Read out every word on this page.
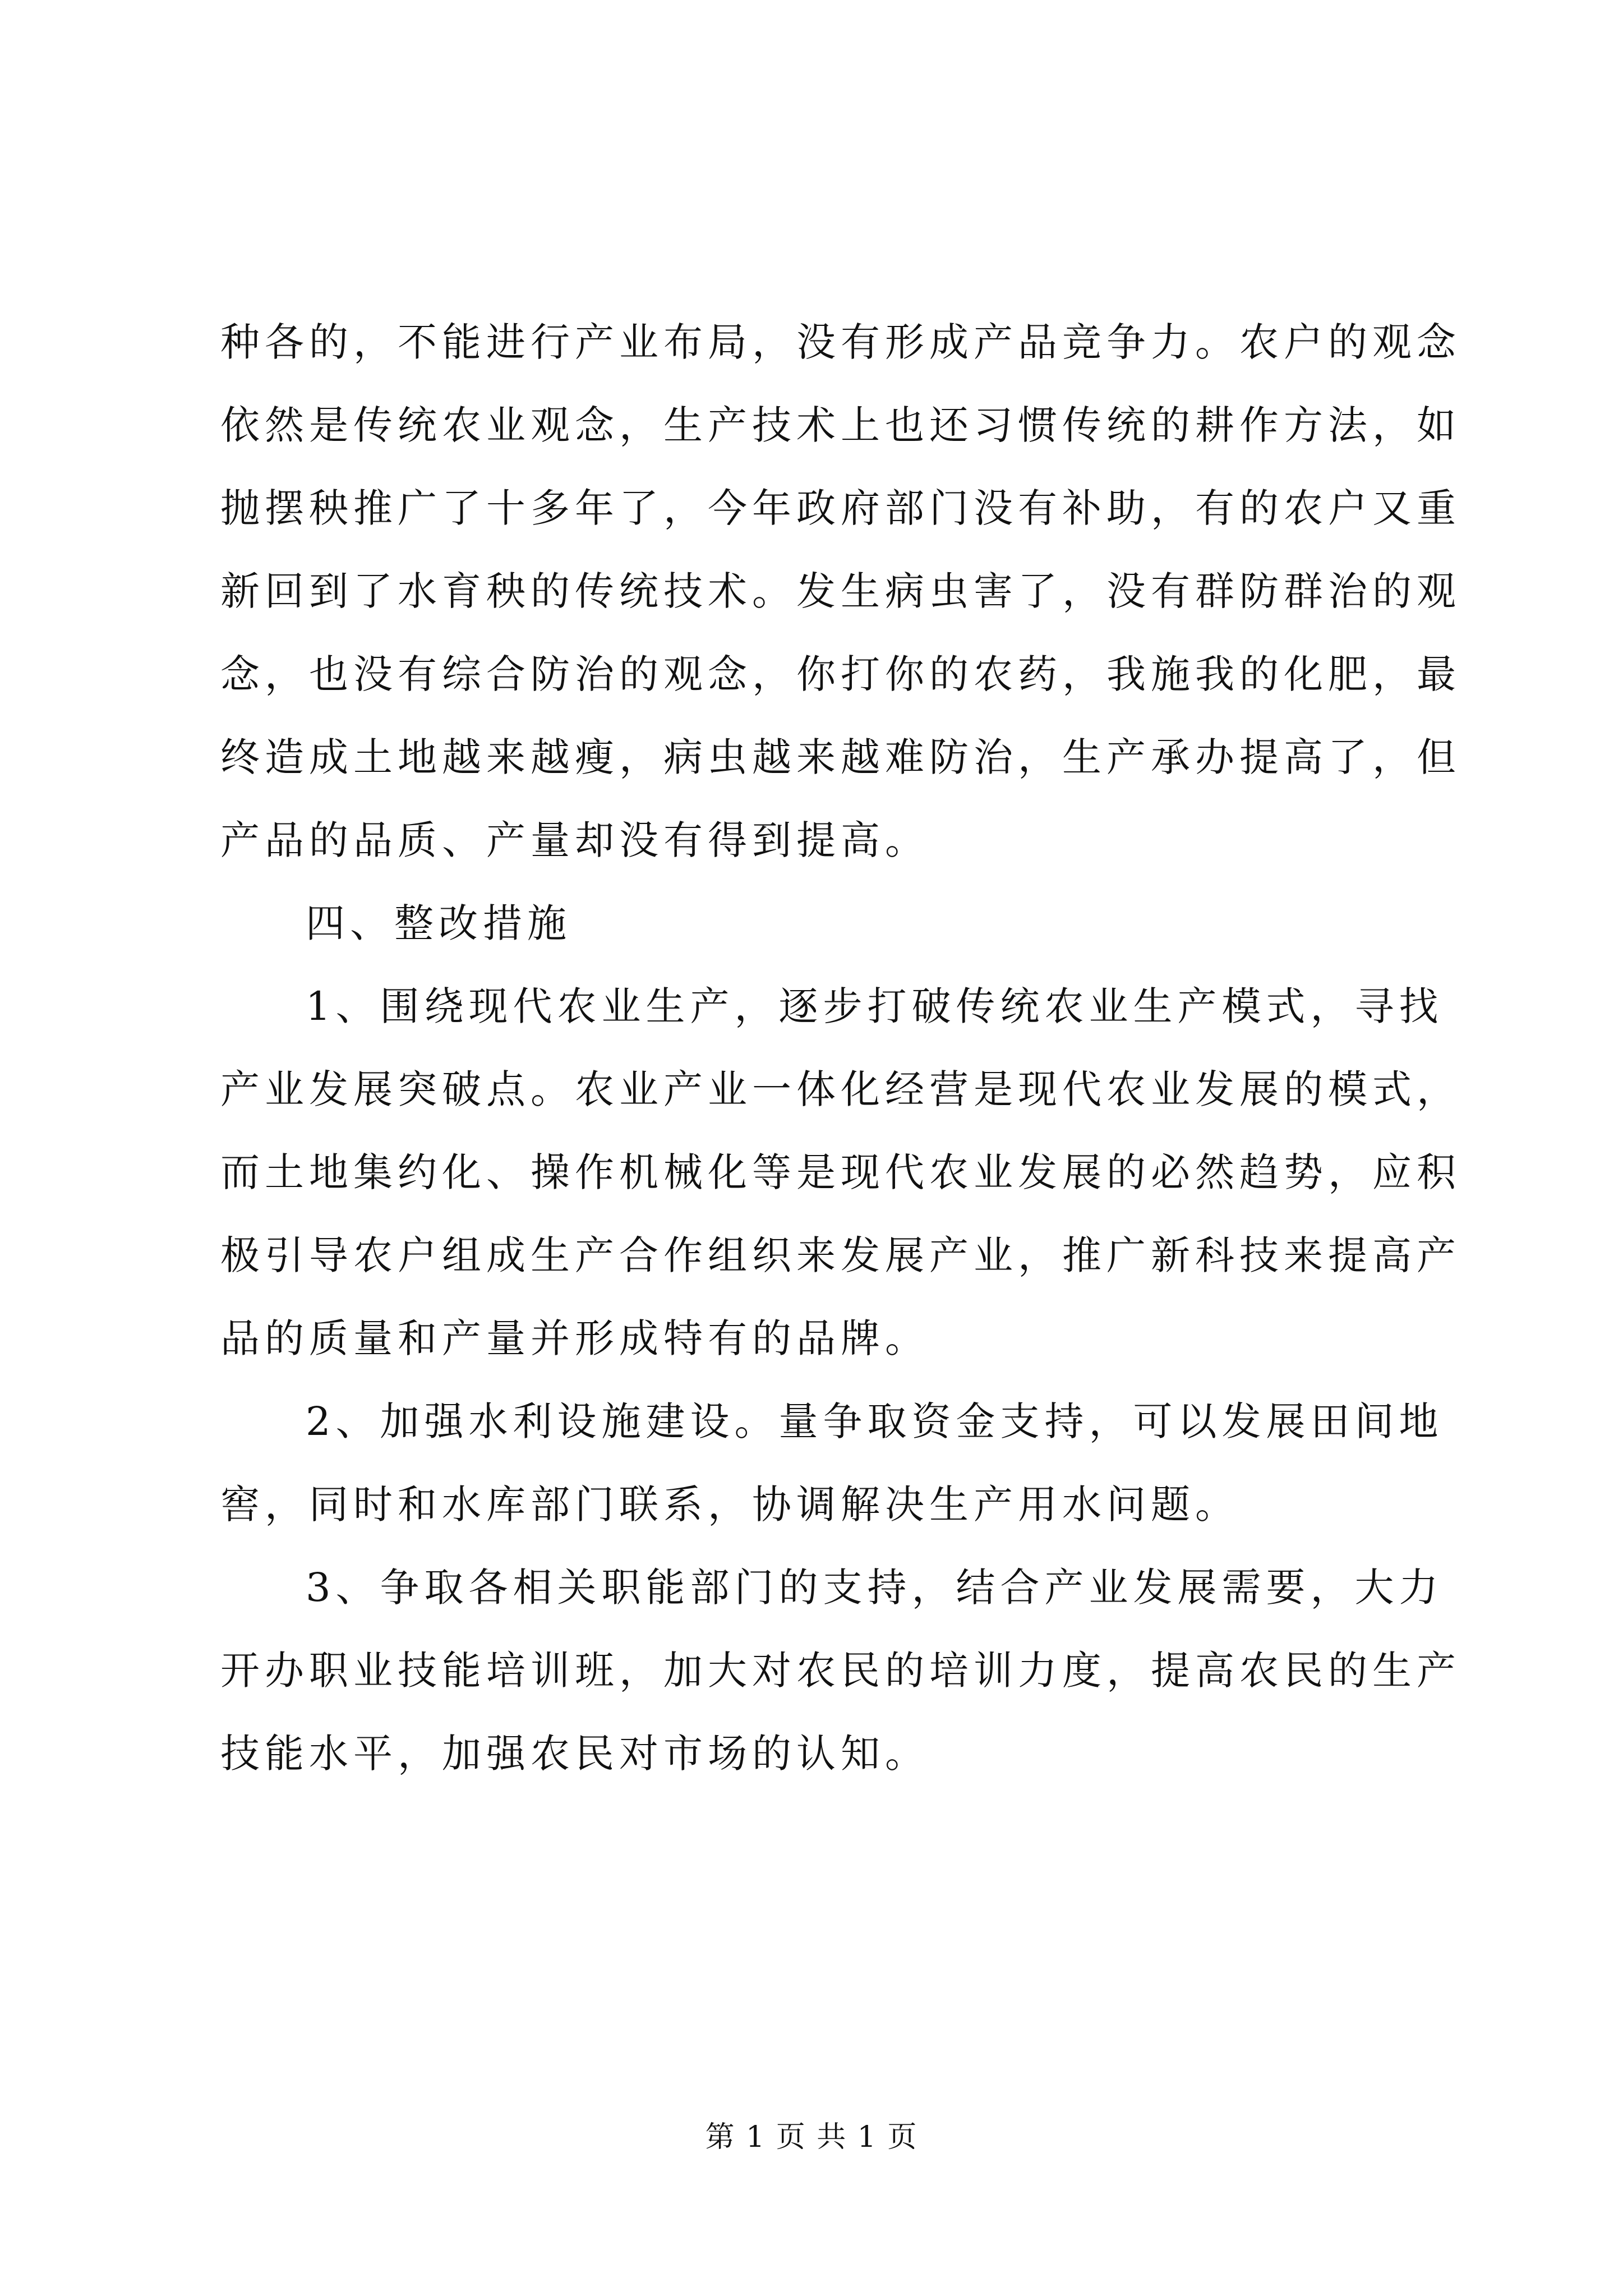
种各的，不能进行产业布局，没有形成产品竞争力。农户的观念
依然是传统农业观念，生产技术上也还习惯传统的耕作方法，如
抛摆秧推广了十多年了，今年政府部门没有补助，有的农户又重
新回到了水育秧的传统技术。发生病虫害了，没有群防群治的观
念，也没有综合防治的观念，你打你的农药，我施我的化肥，最
终造成土地越来越瘦，病虫越来越难防治，生产承办提高了，但
产品的品质、产量却没有得到提高。
四、整改措施
1、围绕现代农业生产，逐步打破传统农业生产模式，寻找
产业发展突破点。农业产业一体化经营是现代农业发展的模式，
而土地集约化、操作机械化等是现代农业发展的必然趋势，应积
极引导农户组成生产合作组织来发展产业，推广新科技来提高产
品的质量和产量并形成特有的品牌。
2、加强水利设施建设。量争取资金支持，可以发展田间地
窖，同时和水库部门联系，协调解决生产用水问题。
3、争取各相关职能部门的支持，结合产业发展需要，大力
开办职业技能培训班，加大对农民的培训力度，提高农民的生产
技能水平，加强农民对市场的认知。
第 1 页 共 1 页
